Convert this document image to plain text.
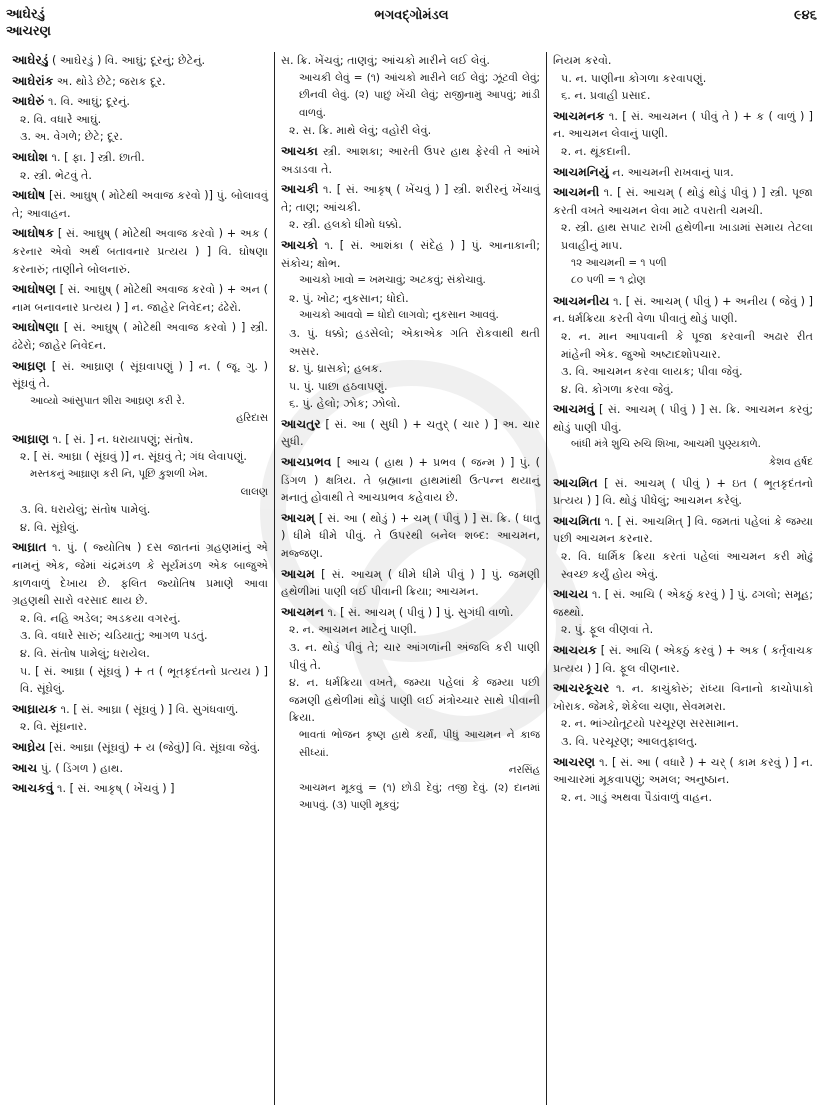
આઘેરડું
આચરણ
ભગવદ્ગોમંડલ	૯૪૬
આઘેરડું ( આઘેરડું ) વિ. આઘું; દૂરનું; છેટેનું.
આઘેરાંક અ. થોડે છેટે; જરાક દૂર.
આઘેરું ૧. વિ. આઘું; દૂરનું.
૨. વિ. વધારે આઘું.
૩. અ. વેગળે; છેટે; દૂર.
આઘોશ ૧. [ ફા. ] સ્ત્રી. છાતી.
૨. સ્ત્રી. ભેટવું તે.
આઘોષ [સં. આઘુષ્ ( મોટેથી અવાજ કરવો )] પું. બોલાવવું તે; આવાહન.
આઘોષક [ સં. આઘુષ્ ( મોટેથી અવાજ કરવો ) + અક ( કરનાર એવો અર્થ બતાવનાર પ્રત્યય ) ] વિ. ઘોષણા કરનારું; તાણીને બોલનારું.
આઘોષણ [ સં. આઘુષ્ ( મોટેથી અવાજ કરવો ) + અન ( નામ બનાવનાર પ્રત્યય ) ] ન. જાહેર નિવેદન; ઢંઢેરો.
આઘોષણા [ સં. આઘુષ્ ( મોટેથી અવાજ કરવો ) ] સ્ત્રી. ઢંઢેરો; જાહેર નિવેદન.
આઘ્રણ [ સં. આઘ્રાણ ( સૂંઘવાપણું ) ] ન. ( જૂ. ગુ. ) સૂંઘવું તે.
આવ્યો આંસુપાત શીરા આઘ્રણ કરી રે.
હરિદાસ
આઘ્રાણ ૧. [ સં. ] ન. ધરાયાપણું; સંતોષ.
૨. [ સં. આઘ્રા ( સૂંઘવું )] ન. સૂંઘવું તે; ગંધ લેવાપણું.
મસ્તકનું આઘ્રાણ કરી નિ, પૂછિ કુશળી ખેમ.
લાલણ
૩. વિ. ધરાયેલું; સંતોષ પામેલું.
૪. વિ. સૂંઘેલું.
આઘ્રાત ૧. પું. ( જ્યોતિષ ) દસ જાતનાં ગ્રહણમાંનું એ નામનું એક, જેમાં ચંદ્રમંડળ કે સૂર્યમંડળ એક બાજુએ કાળવાળું દેખાય છે. ફલિત જ્યોતિષ પ્રમાણે આવા ગ્રહણથી સારો વરસાદ થાય છે.
૨. વિ. નહિ અડેલ; અડકયા વગરનું.
૩. વિ. વધારે સારું; ચડિયાતું; આગળ પડતું.
૪. વિ. સંતોષ પામેલું; ધરાયેલ.
૫. [ સં. આઘ્રા ( સૂંઘવું ) + ત ( ભૂતકૃદંતનો પ્રત્યય ) ] વિ. સૂંઘેલું.
આઘ્રાયક ૧. [ સં. આઘ્રા ( સૂંઘવું ) ] વિ. સુગંધવાળું.
૨. વિ. સૂંઘનાર.
આઘ્રેય [સં. આઘ્રા (સૂંઘવું) + ય (જેવું)] વિ. સૂંઘવા જેવું.
આચ પું. ( ડિંગળ ) હાથ.
આચકવું ૧. [ સં. આકૃષ્ ( ખેંચવું ) ]
સ. ક્રિ. ખેંચવું; તાણવું; આંચકો મારીને લઈ લેવું.
આચકી લેવું = (૧) આંચકો મારીને લઈ લેવું; ઝૂંટવી લેવું; છીનવી લેવું. (૨) પાછું ખેંચી લેવું; રાજીનામું આપવું; માંડી વાળવું.
૨. સ. ક્રિ. માથે લેવું; વહોરી લેવું.
આચકા સ્ત્રી. આશકા; આરતી ઉપર હાથ ફેરવી તે આંખે અડાડવા તે.
આચકી ૧. [ સં. આકૃષ્ ( ખેંચવું ) ] સ્ત્રી. શરીરનું ખેંચાવું તે; તાણ; આંચકી.
૨. સ્ત્રી. હલકો ધીમો ધક્કો.
આચકો ૧. [ સં. આશંકા ( સંદેહ ) ] પું. આનાકાની; સંકોચ; ક્ષોભ.
આચકો ખાવો = ખમચાવું; અટકવું; સંકોચાવું.
૨. પું. ખોટ; નુકસાન; ધોદો.
આચકો આવવો = ધોદો લાગવો; નુકસાન આવવું.
૩. પું. ધક્કો; હડસેલો; એકાએક ગતિ રોકવાથી થતી અસર.
૪. પું. ધ્રાસકો; હબક.
૫. પું. પાછા હઠવાપણું.
૬. પું. હેલો; ઝોક; ઝોલો.
આચતુર [ સં. આ ( સુધી ) + ચતુર્ ( ચાર ) ] અ. ચાર સુધી.
આચપ્રભવ [ આચ ( હાથ ) + પ્રભવ ( જન્મ ) ] પું. ( ડિંગળ ) ક્ષત્રિય. તે બ્રહ્માના હાથમાંથી ઉત્પન્ન થયાનું મનાતું હોવાથી તે આચપ્રભવ કહેવાય છે.
આચમ્ [ સં. આ ( થોડું ) + ચમ્ ( પીવું ) ] સ. ક્રિ. ( ધાતુ ) ધીમે ધીમે પીવું. તે ઉપરથી બનેલ શબ્દ: આચમન, મજ્જણ.
આચમ [ સં. આચમ્ ( ધીમે ધીમે પીવું ) ] પું. જમણી હથેળીમાં પાણી લઈ પીવાની ક્રિયા; આચમન.
આચમન ૧. [ સં. આચમ્ ( પીવું ) ] પું. સુગંધી વાળો.
૨. ન. આચમન માટેનું પાણી.
૩. ન. થોડું પીવું તે; ચાર આંગળાંની અંજલિ કરી પાણી પીવું તે.
૪. ન. ધર્મક્રિયા વખતે, જમ્યા પહેલાં કે જમ્યા પછી જમણી હથેળીમાં થોડું પાણી લઈ મંત્રોચ્ચાર સાથે પીવાની ક્રિયા.
ભાવતાં ભોજન કૃષ્ણ હાથે કર્યાં, પીધું આચમન ને કાજ સીધ્યાં.
નરસિંહ
આચમન મૂકવું = (૧) છોડી દેવું; તજી દેવું. (૨) દાનમાં આપવું. (૩) પાણી મૂકવું;
નિયમ કરવો.
૫. ન. પાણીના કોગળા કરવાપણું.
૬. ન. પ્રવાહી પ્રસાદ.
આચમનક ૧. [ સં. આચમન ( પીવું તે ) + ક ( વાળું ) ] ન. આચમન લેવાનું પાણી.
૨. ન. થૂંકદાની.
આચમનિયું ન. આચમની રાખવાનું પાત્ર.
આચમની ૧. [ સં. આચમ્ ( થોડું થોડું પીવું ) ] સ્ત્રી. પૂજા કરતી વખતે આચમન લેવા માટે વપરાતી ચમચી.
૨. સ્ત્રી. હાથ સપાટ રાખી હથેળીના ખાડામાં સમાય તેટલા પ્રવાહીનું માપ.
૧૨ આચમની = ૧ પળી
૮૦ પળી = ૧ દ્રોણ
આચમનીય ૧. [ સં. આચમ્ ( પીવું ) + અનીય ( જેવું ) ] ન. ધર્મક્રિયા કરતી વેળા પીવાતું થોડું પાણી.
૨. ન. માન આપવાની કે પૂજા કરવાની અઢાર રીત માંહેની એક. જુઓ અષ્ટાદશોપચાર.
૩. વિ. આચમન કરવા લાયક; પીવા જેવું.
૪. વિ. કોગળા કરવા જેવું.
આચમવું [ સં. આચમ્ ( પીવું ) ] સ. ક્રિ. આચમન કરવું; થોડું પાણી પીવું.
બાંધી મંત્રે શુચિ રુચિ શિખા, આચમી પુણ્યકાળે.
કેશવ હર્ષદ
આચમિત [ સં. આચમ્ ( પીવું ) + ઇત ( ભૂતકૃદંતનો પ્રત્યય ) ] વિ. થોડું પીધેલું; આચમન કરેલું.
આચમિતા ૧. [ સં. આચમિત્ ] વિ. જમતાં પહેલાં કે જમ્યા પછી આચમન કરનાર.
૨. વિ. ધાર્મિક ક્રિયા કરતાં પહેલાં આચમન કરી મોઢું સ્વચ્છ કર્યું હોય એવું.
આચય ૧. [ સં. આચિ ( એકઠું કરવું ) ] પું. ઢગલો; સમૂહ; જથ્થો.
૨. પું. ફૂલ વીણવાં તે.
આચયક [ સં. આચિ ( એકઠું કરવું ) + અક ( કર્તૃવાચક પ્રત્યય ) ] વિ. ફૂલ વીણનાર.
આચરકૂચર ૧. ન. કાચુંકોરું; રાંધ્યા વિનાનો કાચોપાકો ખોરાક. જેમકે, શેકેલા ચણા, સેવમમરા.
૨. ન. ભાંગ્યોતૂટયો પરચૂરણ સરસામાન.
૩. વિ. પરચૂરણ; આલતુફાલતુ.
આચરણ ૧. [ સં. આ ( વધારે ) + ચર્ ( કામ કરવું ) ] ન. આચારમાં મૂકવાપણું; અમલ; અનુષ્ઠાન.
૨. ન. ગાડું અથવા પૈડાંવાળું વાહન.
